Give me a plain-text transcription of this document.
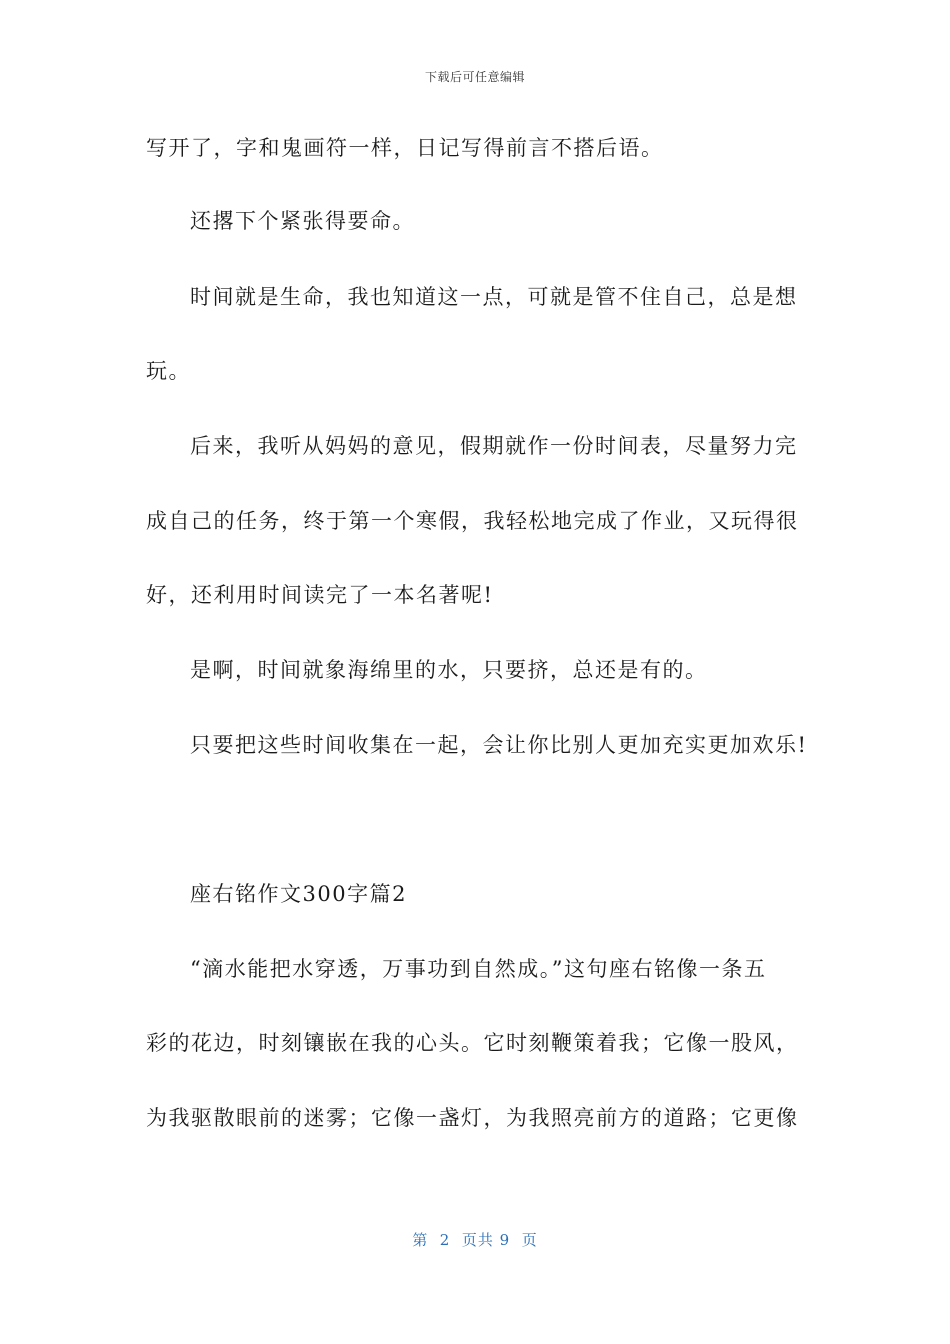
下载后可任意编辑
写开了，字和鬼画符一样，日记写得前言不搭后语。
还撂下个紧张得要命。
时间就是生命，我也知道这一点，可就是管不住自己，总是想
玩。
后来，我听从妈妈的意见，假期就作一份时间表，尽量努力完
成自己的任务，终于第一个寒假，我轻松地完成了作业，又玩得很
好，还利用时间读完了一本名著呢!
是啊，时间就象海绵里的水，只要挤，总还是有的。
只要把这些时间收集在一起，会让你比别人更加充实更加欢乐!
座右铭作文300字篇2
“滴水能把水穿透，万事功到自然成。”这句座右铭像一条五
彩的花边，时刻镶嵌在我的心头。它时刻鞭策着我；它像一股风，
为我驱散眼前的迷雾；它像一盏灯，为我照亮前方的道路；它更像
第  2  页共 9  页
